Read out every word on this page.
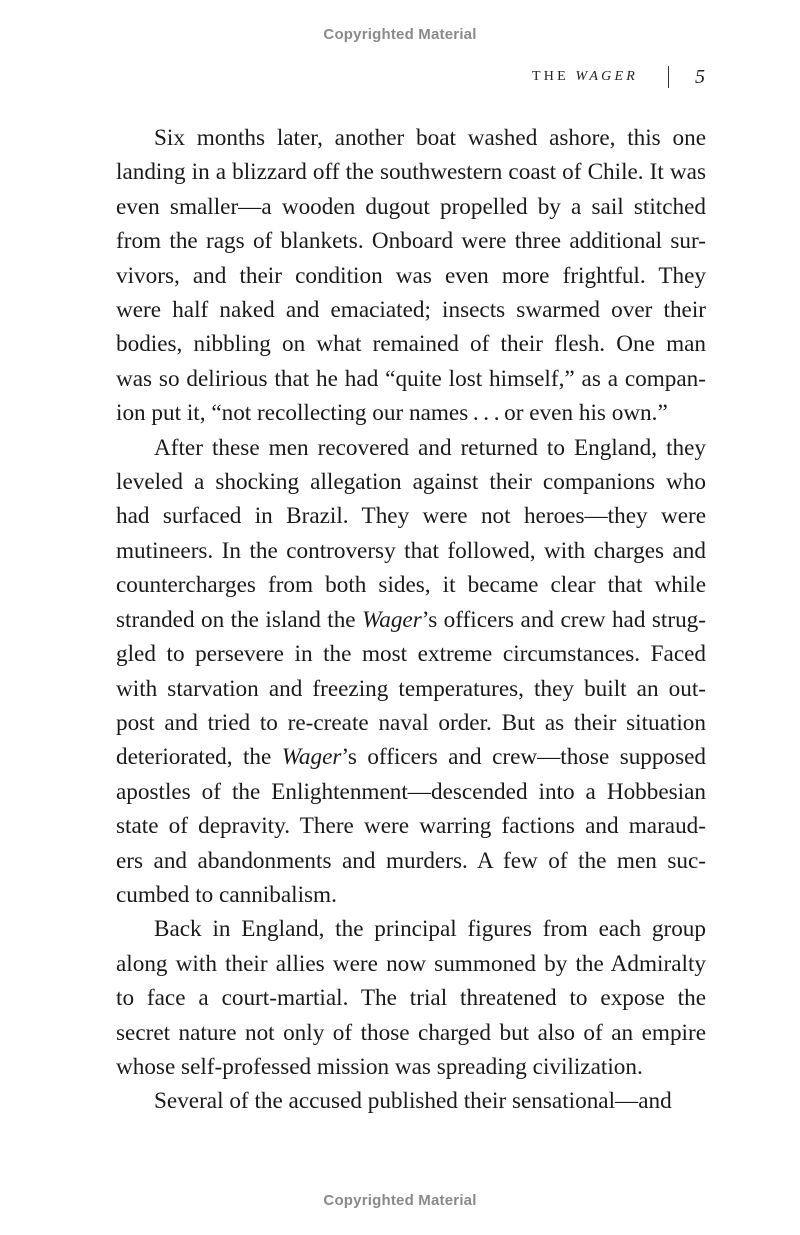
Copyrighted Material
THE WAGER	5

Six months later, another boat washed ashore, this one
landing in a blizzard off the southwestern coast of Chile. It was
even smaller—a wooden dugout propelled by a sail stitched
from the rags of blankets. Onboard were three additional sur-
vivors, and their condition was even more frightful. They
were half naked and emaciated; insects swarmed over their
bodies, nibbling on what remained of their flesh. One man
was so delirious that he had “quite lost himself,” as a compan-
ion put it, “not recollecting our names . . . or even his own.”

After these men recovered and returned to England, they
leveled a shocking allegation against their companions who
had surfaced in Brazil. They were not heroes—they were
mutineers. In the controversy that followed, with charges and
countercharges from both sides, it became clear that while
stranded on the island the Wager’s officers and crew had strug-
gled to persevere in the most extreme circumstances. Faced
with starvation and freezing temperatures, they built an out-
post and tried to re-create naval order. But as their situation
deteriorated, the Wager’s officers and crew—those supposed
apostles of the Enlightenment—descended into a Hobbesian
state of depravity. There were warring factions and maraud-
ers and abandonments and murders. A few of the men suc-
cumbed to cannibalism.

Back in England, the principal figures from each group
along with their allies were now summoned by the Admiralty
to face a court-martial. The trial threatened to expose the
secret nature not only of those charged but also of an empire
whose self-professed mission was spreading civilization.

Several of the accused published their sensational—and

Copyrighted Material
